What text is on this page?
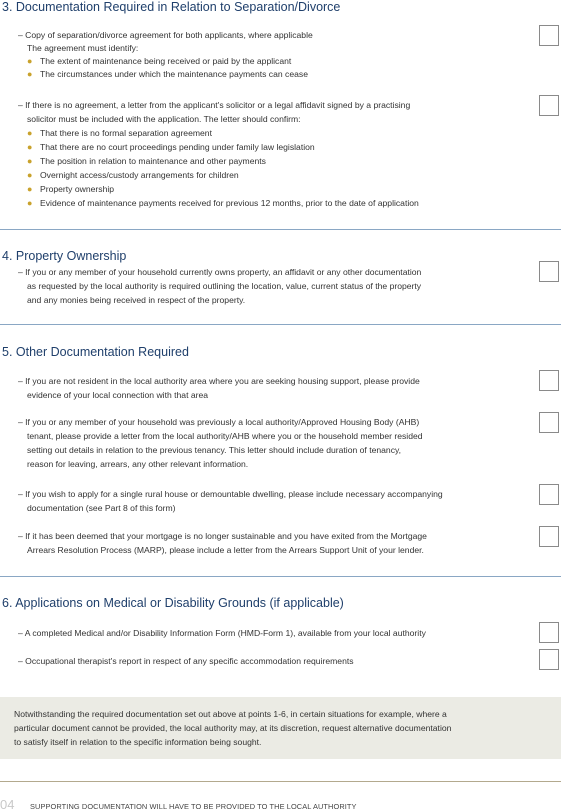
3. Documentation Required in Relation to Separation/Divorce
– Copy of separation/divorce agreement for both applicants, where applicable
The agreement must identify:
● The extent of maintenance being received or paid by the applicant
● The circumstances under which the maintenance payments can cease
– If there is no agreement, a letter from the applicant's solicitor or a legal affidavit signed by a practising
solicitor must be included with the application. The letter should confirm:
● That there is no formal separation agreement
● That there are no court proceedings pending under family law legislation
● The position in relation to maintenance and other payments
● Overnight access/custody arrangements for children
● Property ownership
● Evidence of maintenance payments received for previous 12 months, prior to the date of application
4. Property Ownership
– If you or any member of your household currently owns property, an affidavit or any other documentation
as requested by the local authority is required outlining the location, value, current status of the property
and any monies being received in respect of the property.
5. Other Documentation Required
– If you are not resident in the local authority area where you are seeking housing support, please provide
evidence of your local connection with that area
– If you or any member of your household was previously a local authority/Approved Housing Body (AHB)
tenant, please provide a letter from the local authority/AHB where you or the household member resided
setting out details in relation to the previous tenancy. This letter should include duration of tenancy,
reason for leaving, arrears, any other relevant information.
– If you wish to apply for a single rural house or demountable dwelling, please include necessary accompanying
documentation (see Part 8 of this form)
– If it has been deemed that your mortgage is no longer sustainable and you have exited from the Mortgage
Arrears Resolution Process (MARP), please include a letter from the Arrears Support Unit of your lender.
6. Applications on Medical or Disability Grounds (if applicable)
– A completed Medical and/or Disability Information Form (HMD-Form 1), available from your local authority
– Occupational therapist's report in respect of any specific accommodation requirements
Notwithstanding the required documentation set out above at points 1-6, in certain situations for example, where a
particular document cannot be provided, the local authority may, at its discretion, request alternative documentation
to satisfy itself in relation to the specific information being sought.
04 SUPPORTING DOCUMENTATION WILL HAVE TO BE PROVIDED TO THE LOCAL AUTHORITY
